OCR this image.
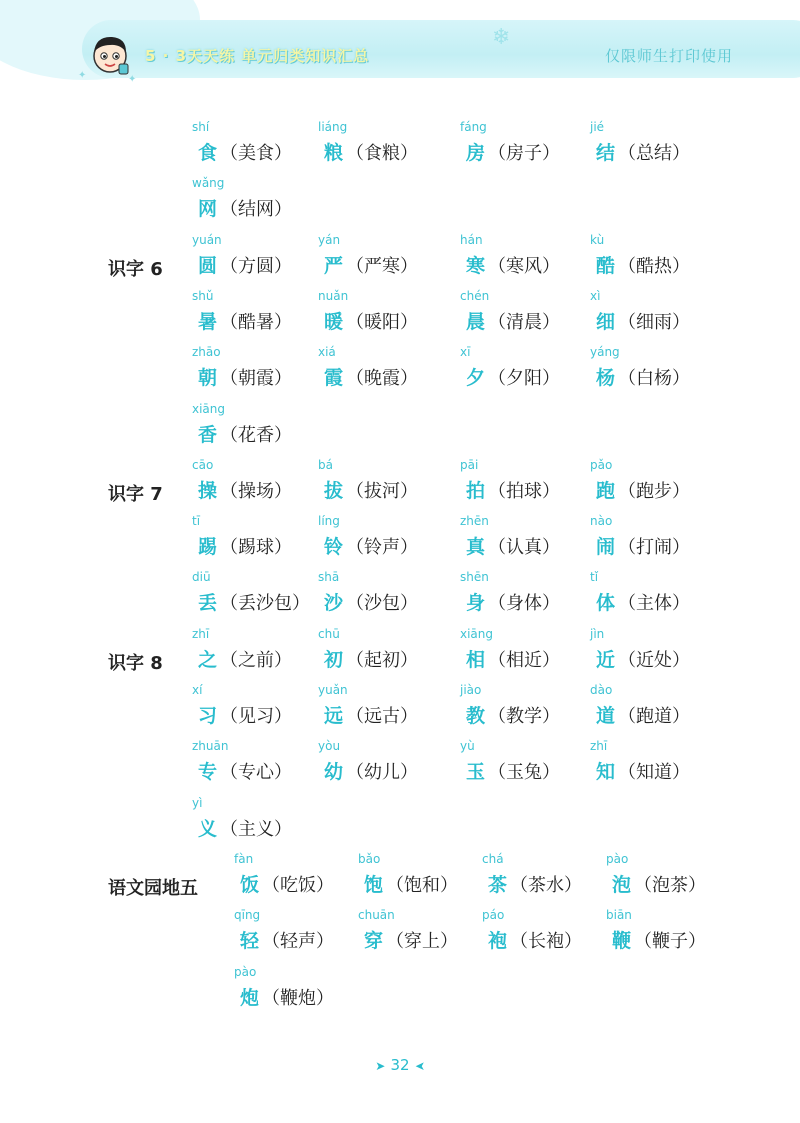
✦	✦
5 · 3天天练 单元归类知识汇总
❄
仅限师生打印使用
shí
食 （美食）
liáng
粮 （食粮）
fáng
房 （房子）
jié
结 （总结）
wǎng
网 （结网）
识字 6
yuán
圆 （方圆）
yán
严 （严寒）
hán
寒 （寒风）
kù
酷 （酷热）
shǔ
暑 （酷暑）
nuǎn
暖 （暖阳）
chén
晨 （清晨）
xì
细 （细雨）
zhāo
朝 （朝霞）
xiá
霞 （晚霞）
xī
夕 （夕阳）
yáng
杨 （白杨）
xiāng
香 （花香）
识字 7
cāo
操 （操场）
bá
拔 （拔河）
pāi
拍 （拍球）
pǎo
跑 （跑步）
tī
踢 （踢球）
líng
铃 （铃声）
zhēn
真 （认真）
nào
闹 （打闹）
diū
丢 （丢沙包）
shā
沙 （沙包）
shēn
身 （身体）
tǐ
体 （主体）
识字 8
zhī
之 （之前）
chū
初 （起初）
xiāng
相 （相近）
jìn
近 （近处）
xí
习 （见习）
yuǎn
远 （远古）
jiào
教 （教学）
dào
道 （跑道）
zhuān
专 （专心）
yòu
幼 （幼儿）
yù
玉 （玉兔）
zhī
知 （知道）
yì
义 （主义）
语文园地五
fàn
饭 （吃饭）
bǎo
饱 （饱和）
chá
茶 （茶水）
pào
泡 （泡茶）
qīng
轻 （轻声）
chuān
穿 （穿上）
páo
袍 （长袍）
biān
鞭 （鞭子）
pào
炮 （鞭炮）
➤ 32 ➤
